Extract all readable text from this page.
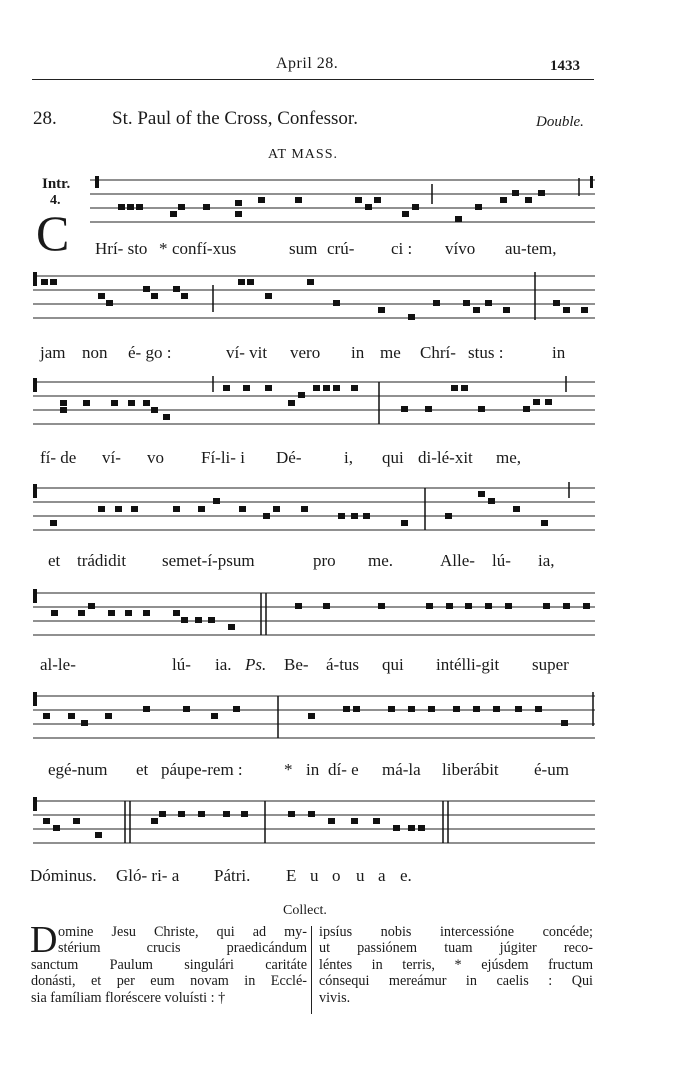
April 28.	1433
28.	St. Paul of the Cross, Confessor.	Double.
AT MASS.
Intr.
4.
C Hrí- sto * confí-xus	sum crú- ci : vívo au-tem,
jam non é- go :	ví- vit vero in me Chrí- stus :	in
fí- de ví- vo Fí-li- i Dé-	i, qui di-lé-xit me,
et trádidit semet-í-psum	pro me.	Alle- lú- ia,
al-le-	lú- ia. Ps. Be- á-tus qui intélli-git super
egé-num et páupe-rem : * in dí- e má-la liberábit é-um
Dóminus. Gló- ri- a Pátri. E u o u a e.
Collect.
D omine Jesu Christe, qui ad my-
stérium crucis praedicándum
sanctum Paulum singulári caritáte
donásti, et per eum novam in Ecclé-
sia famíliam floréscere voluísti : †
ipsíus nobis intercessióne concéde;
ut passiónem tuam júgiter reco-
léntes in terris, * ejúsdem fructum
cónsequi mereámur in caelis : Qui
vivis.
